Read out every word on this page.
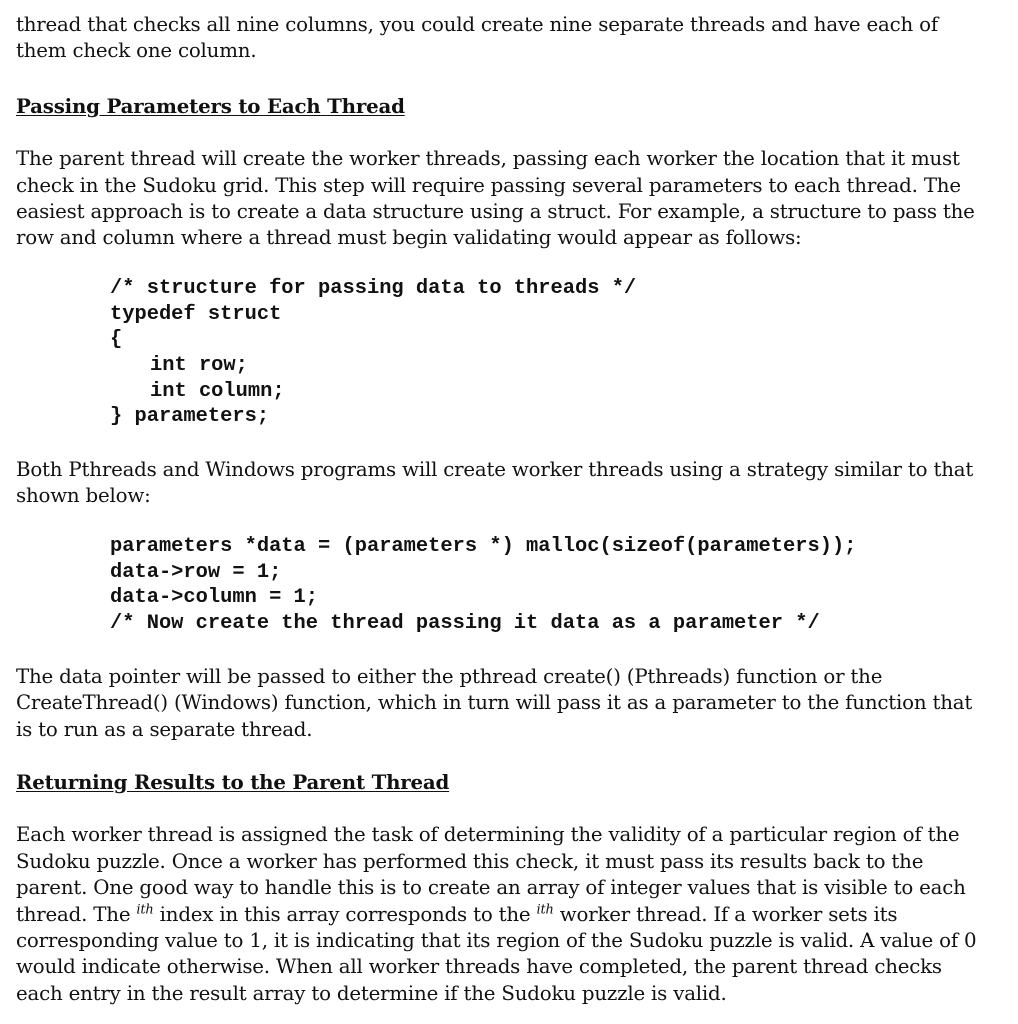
thread that checks all nine columns, you could create nine separate threads and have each of them check one column.

Passing Parameters to Each Thread

The parent thread will create the worker threads, passing each worker the location that it must check in the Sudoku grid. This step will require passing several parameters to each thread. The easiest approach is to create a data structure using a struct. For example, a structure to pass the row and column where a thread must begin validating would appear as follows:

/* structure for passing data to threads */
typedef struct
{
int row;
int column;
} parameters;

Both Pthreads and Windows programs will create worker threads using a strategy similar to that shown below:

parameters *data = (parameters *) malloc(sizeof(parameters));
data->row = 1;
data->column = 1;
/* Now create the thread passing it data as a parameter */

The data pointer will be passed to either the pthread create() (Pthreads) function or the CreateThread() (Windows) function, which in turn will pass it as a parameter to the function that is to run as a separate thread.

Returning Results to the Parent Thread

Each worker thread is assigned the task of determining the validity of a particular region of the Sudoku puzzle. Once a worker has performed this check, it must pass its results back to the parent. One good way to handle this is to create an array of integer values that is visible to each thread. The $^{ith}$ index in this array corresponds to the $^{ith}$ worker thread. If a worker sets its corresponding value to 1, it is indicating that its region of the Sudoku puzzle is valid. A value of 0 would indicate otherwise. When all worker threads have completed, the parent thread checks each entry in the result array to determine if the Sudoku puzzle is valid.
